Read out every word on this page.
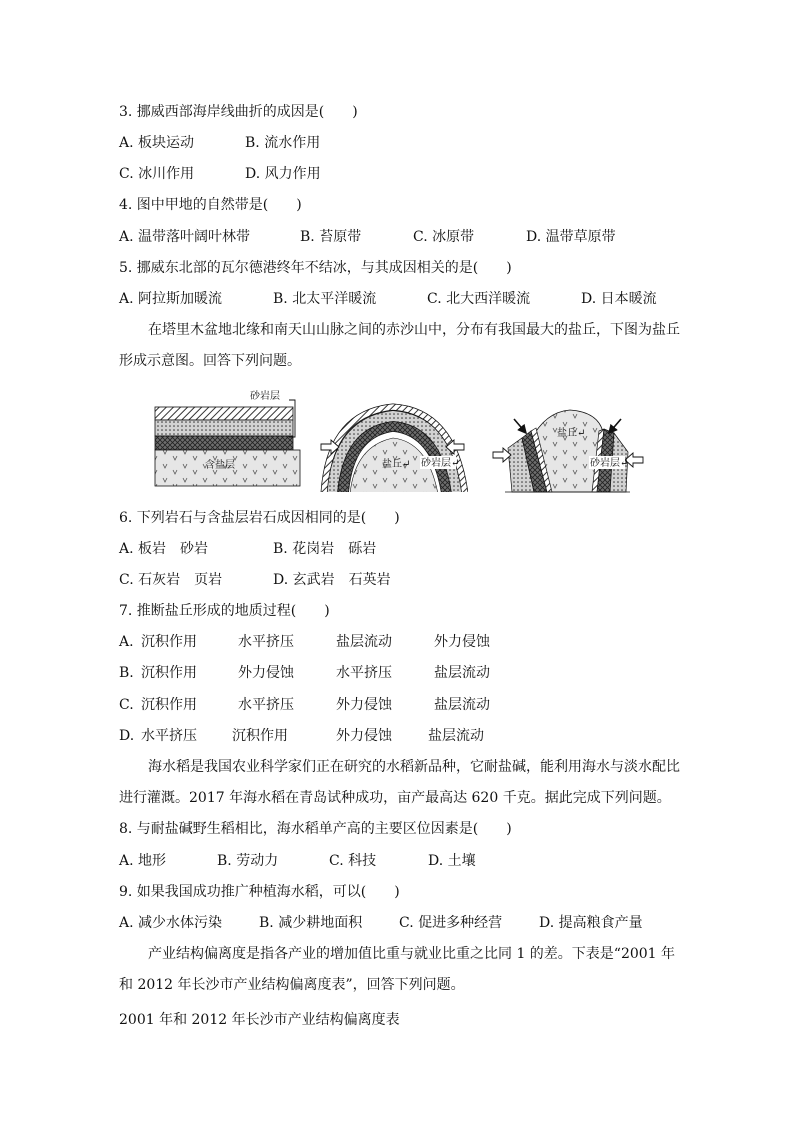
3. 挪威西部海岸线曲折的成因是(　　)
A. 板块运动	B. 流水作用
C. 冰川作用	D. 风力作用
4. 图中甲地的自然带是(　　)
A. 温带落叶阔叶林带	B. 苔原带	C. 冰原带	D. 温带草原带
5. 挪威东北部的瓦尔德港终年不结冰，与其成因相关的是(　　)
A. 阿拉斯加暖流	B. 北太平洋暖流	C. 北大西洋暖流	D. 日本暖流
在塔里木盆地北缘和南天山山脉之间的赤沙山中，分布有我国最大的盐丘，下图为盐丘
形成示意图。回答下列问题。
砂岩层
含盐层	盐丘↵ 砂岩层↵
盐丘↵
砂岩层↵
6. 下列岩石与含盐层岩石成因相同的是(　　)
A. 板岩　砂岩	B. 花岗岩　砾岩
C. 石灰岩　页岩	D. 玄武岩　石英岩
7. 推断盐丘形成的地质过程(　　)
A. 沉积作用	水平挤压	盐层流动	外力侵蚀
B. 沉积作用	外力侵蚀	水平挤压	盐层流动
C. 沉积作用	水平挤压	外力侵蚀	盐层流动
D. 水平挤压	沉积作用	外力侵蚀	盐层流动
海水稻是我国农业科学家们正在研究的水稻新品种，它耐盐碱，能利用海水与淡水配比
进行灌溉。2017 年海水稻在青岛试种成功，亩产最高达 620 千克。据此完成下列问题。
8. 与耐盐碱野生稻相比，海水稻单产高的主要区位因素是(　　)
A. 地形	B. 劳动力	C. 科技	D. 土壤
9. 如果我国成功推广种植海水稻，可以(　　)
A. 减少水体污染	B. 减少耕地面积	C. 促进多种经营	D. 提高粮食产量
产业结构偏离度是指各产业的增加值比重与就业比重之比同 1 的差。下表是“2001 年
和 2012 年长沙市产业结构偏离度表”，回答下列问题。
2001 年和 2012 年长沙市产业结构偏离度表
